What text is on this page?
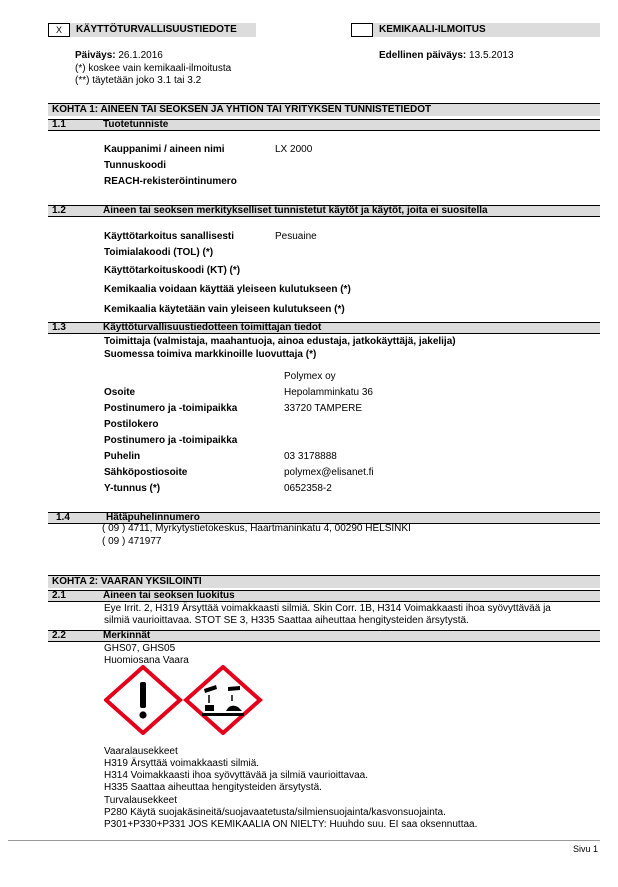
X	KÄYTTÖTURVALLISUUSTIEDOTE	KEMIKAALI-ILMOITUS
Päiväys: 26.1.2016	Edellinen päiväys: 13.5.2013
(*) koskee vain kemikaali-ilmoitusta
(**) täytetään joko 3.1 tai 3.2
KOHTA 1: AINEEN TAI SEOKSEN JA YHTIÖN TAI YRITYKSEN TUNNISTETIEDOT
1.1	Tuotetunniste
Kauppanimi / aineen nimi	LX 2000
Tunnuskoodi
REACH-rekisteröintinumero
1.2	Aineen tai seoksen merkitykselliset tunnistetut käytöt ja käytöt, joita ei suositella
Käyttötarkoitus sanallisesti	Pesuaine
Toimialakoodi (TOL) (*)
Käyttötarkoituskoodi (KT) (*)
Kemikaalia voidaan käyttää yleiseen kulutukseen (*)
Kemikaalia käytetään vain yleiseen kulutukseen (*)
1.3	Käyttöturvallisuustiedotteen toimittajan tiedot
Toimittaja (valmistaja, maahantuoja, ainoa edustaja, jatkokäyttäjä, jakelija)
Suomessa toimiva markkinoille luovuttaja (*)
Polymex oy
Osoite	Hepolamminkatu 36
Postinumero ja -toimipaikka	33720 TAMPERE
Postilokero
Postinumero ja -toimipaikka
Puhelin	03 3178888
Sähköpostiosoite	polymex@elisanet.fi
Y-tunnus (*)	0652358-2
1.4	Hätäpuhelinnumero
( 09 ) 4711, Myrkytystietokeskus, Haartmaninkatu 4, 00290 HELSINKI
( 09 ) 471977
KOHTA 2: VAARAN YKSILÖINTI
2.1	Aineen tai seoksen luokitus
Eye Irrit. 2, H319 Ärsyttää voimakkaasti silmiä. Skin Corr. 1B, H314 Voimakkaasti ihoa syövyttävää ja
silmiä vaurioittavaa. STOT SE 3, H335 Saattaa aiheuttaa hengitysteiden ärsytystä.
2.2	Merkinnät
GHS07, GHS05
Huomiosana Vaara
Vaaralausekkeet
H319 Ärsyttää voimakkaasti silmiä.
H314 Voimakkaasti ihoa syövyttävää ja silmiä vaurioittavaa.
H335 Saattaa aiheuttaa hengitysteiden ärsytystä.
Turvalausekkeet
P280 Käytä suojakäsineitä/suojavaatetusta/silmiensuojainta/kasvonsuojainta.
P301+P330+P331 JOS KEMIKAALIA ON NIELTY: Huuhdo suu. EI saa oksennuttaa.
Sivu 1
